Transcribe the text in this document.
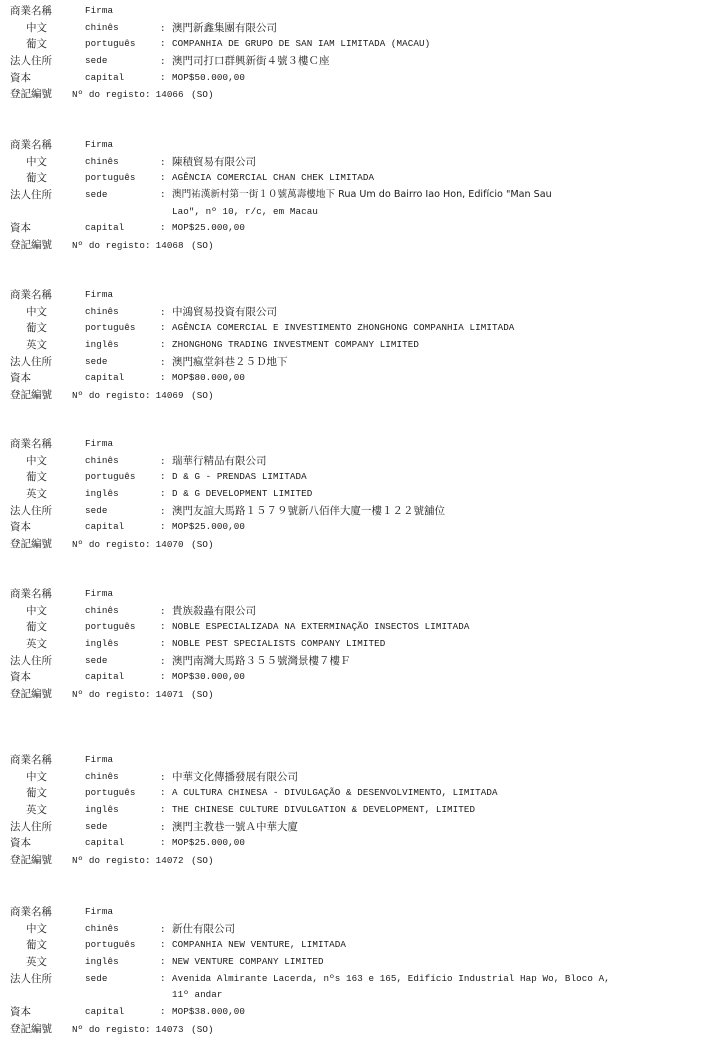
商業名稱	Firma
中文	chinês	: 澳門新鑫集團有限公司
葡文	português	: COMPANHIA DE GRUPO DE SAN IAM LIMITADA (MACAU)
法人住所	sede	: 澳門司打口群興新街４號３樓Ｃ座
資本	capital	: MOP$50.000,00
登記編號 Nº do registo: 14066 (SO)
商業名稱	Firma
中文	chinês	: 陳積貿易有限公司
葡文	português	: AGÊNCIA COMERCIAL CHAN CHEK LIMITADA
法人住所	sede	: 澳門祐漢新村第一街１０號萬壽樓地下 Rua Um do Bairro Iao Hon, Edifício "Man Sau
Lao", nº 10, r/c, em Macau
資本	capital	: MOP$25.000,00
登記編號 Nº do registo: 14068 (SO)
商業名稱	Firma
中文	chinês	: 中鴻貿易投資有限公司
葡文	português	: AGÊNCIA COMERCIAL E INVESTIMENTO ZHONGHONG COMPANHIA LIMITADA
英文	inglês	: ZHONGHONG TRADING INVESTMENT COMPANY LIMITED
法人住所	sede	: 澳門瘋堂斜巷２５Ｄ地下
資本	capital	: MOP$80.000,00
登記編號 Nº do registo: 14069 (SO)
商業名稱	Firma
中文	chinês	: 瑞華行精品有限公司
葡文	português	: D & G - PRENDAS LIMITADA
英文	inglês	: D & G DEVELOPMENT LIMITED
法人住所	sede	: 澳門友誼大馬路１５７９號新八佰伴大廈一樓１２２號舖位
資本	capital	: MOP$25.000,00
登記編號 Nº do registo: 14070 (SO)
商業名稱	Firma
中文	chinês	: 貴族殺蟲有限公司
葡文	português	: NOBLE ESPECIALIZADA NA EXTERMINAÇÃO INSECTOS LIMITADA
英文	inglês	: NOBLE PEST SPECIALISTS COMPANY LIMITED
法人住所	sede	: 澳門南灣大馬路３５５號灣景樓７樓Ｆ
資本	capital	: MOP$30.000,00
登記編號 Nº do registo: 14071 (SO)
商業名稱	Firma
中文	chinês	: 中華文化傳播發展有限公司
葡文	português	: A CULTURA CHINESA - DIVULGAÇÃO & DESENVOLVIMENTO, LIMITADA
英文	inglês	: THE CHINESE CULTURE DIVULGATION & DEVELOPMENT, LIMITED
法人住所	sede	: 澳門主教巷一號Ａ中華大廈
資本	capital	: MOP$25.000,00
登記編號 Nº do registo: 14072 (SO)
商業名稱	Firma
中文	chinês	: 新仕有限公司
葡文	português	: COMPANHIA NEW VENTURE, LIMITADA
英文	inglês	: NEW VENTURE COMPANY LIMITED
法人住所	sede	: Avenida Almirante Lacerda, nºs 163 e 165, Edifício Industrial Hap Wo, Bloco A,
11º andar
資本	capital	: MOP$38.000,00
登記編號 Nº do registo: 14073 (SO)
